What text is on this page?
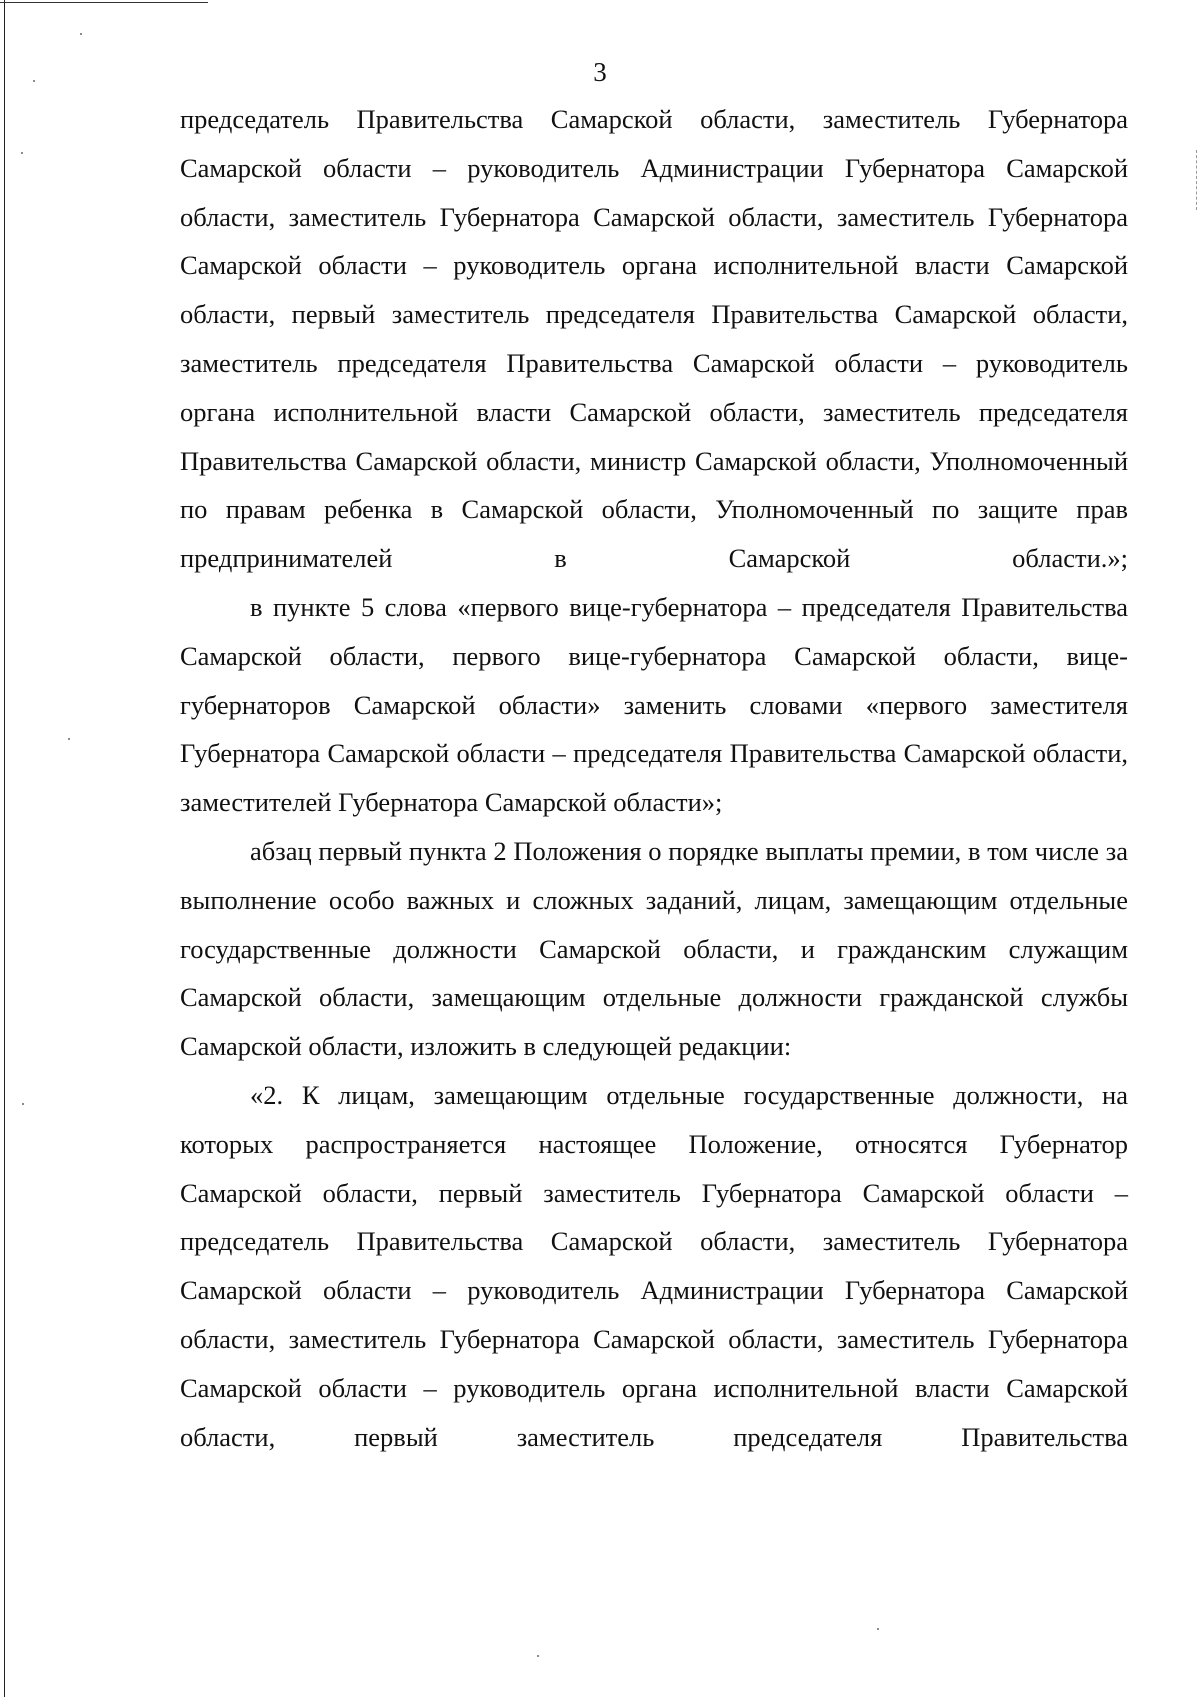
3

председатель Правительства Самарской области, заместитель Губернатора Самарской области – руководитель Администрации Губернатора Самарской области, заместитель Губернатора Самарской области, заместитель Губернатора Самарской области – руководитель органа исполнительной власти Самарской области, первый заместитель председателя Правительства Самарской области, заместитель председателя Правительства Самарской области – руководитель органа исполнительной власти Самарской области, заместитель председателя Правительства Самарской области, министр Самарской области, Уполномоченный по правам ребенка в Самарской области, Уполномоченный по защите прав предпринимателей в Самарской области.»;

в пункте 5 слова «первого вице-губернатора – председателя Правительства Самарской области, первого вице-губернатора Самарской области, вице-губернаторов Самарской области» заменить словами «первого заместителя Губернатора Самарской области – председателя Правительства Самарской области, заместителей Губернатора Самарской области»;

абзац первый пункта 2 Положения о порядке выплаты премии, в том числе за выполнение особо важных и сложных заданий, лицам, замещающим отдельные государственные должности Самарской области, и гражданским служащим Самарской области, замещающим отдельные должности гражданской службы Самарской области, изложить в следующей редакции:

«2. К лицам, замещающим отдельные государственные должности, на которых распространяется настоящее Положение, относятся Губернатор Самарской области, первый заместитель Губернатора Самарской области – председатель Правительства Самарской области, заместитель Губернатора Самарской области – руководитель Администрации Губернатора Самарской области, заместитель Губернатора Самарской области, заместитель Губернатора Самарской области – руководитель органа исполнительной власти Самарской области, первый заместитель председателя Правительства
